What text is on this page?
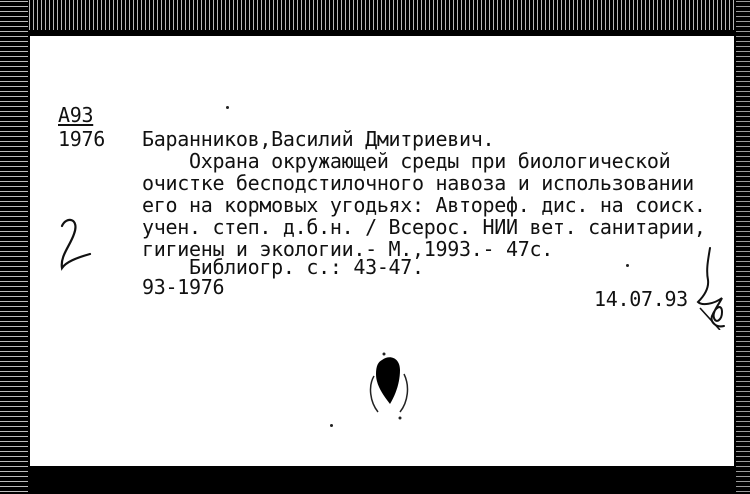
A93
1976 Баранников,Василий Дмитриевич.
Охрана окружающей среды при биологической
очистке бесподстилочного навоза и использовании
его на кормовых угодьях: Автореф. дис. на соиск.
учен. степ. д.б.н. / Всерос. НИИ вет. санитарии,
гигиены и экологии.- М.,1993.- 47с.
Библиогр. с.: 43-47.
93-1976	14.07.93
